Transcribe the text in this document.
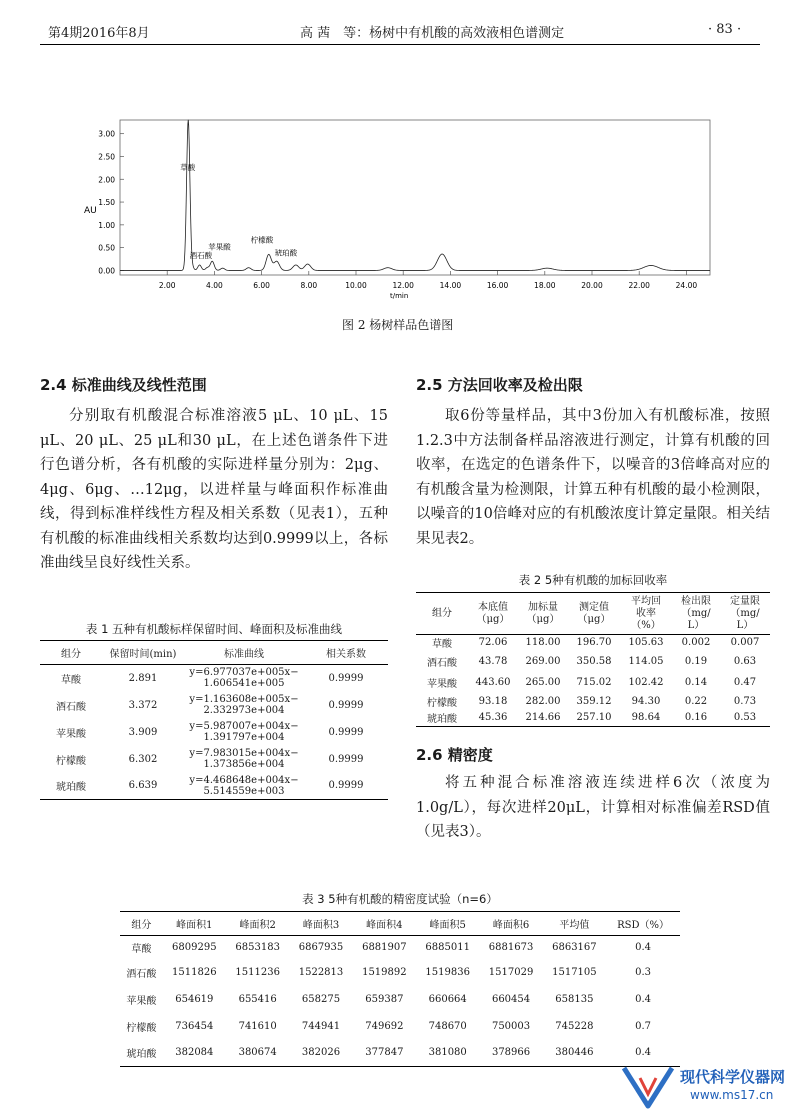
第4期2016年8月	高 茜　等：杨树中有机酸的高效液相色谱测定	· 83 ·
0.00
0.50
1.00
1.50
2.00
2.50
3.00
2.00	4.00	6.00	8.00	10.00	12.00	14.00	16.00	18.00	20.00	22.00	24.00
草酸
酒石酸
苹果酸
柠檬酸
琥珀酸
AU
t/min
图 2 杨树样品色谱图
2.4 标准曲线及线性范围
分别取有机酸混合标准溶液5 μL、10 μL、15 μL、20 μL、25 μL和30 μL，在上述色谱条件下进行色谱分析，各有机酸的实际进样量分别为：2μg、4μg、6μg、…12μg，以进样量与峰面积作标准曲线，得到标准样线性方程及相关系数（见表1），五种有机酸的标准曲线相关系数均达到0.9999以上，各标准曲线呈良好线性关系。
表 1 五种有机酸标样保留时间、峰面积及标准曲线
组分	保留时间(min)	标准曲线	相关系数
草酸	2.891	y=6.977037e+005x−
1.606541e+005	0.9999
酒石酸	3.372	y=1.163608e+005x−
2.332973e+004	0.9999
苹果酸	3.909	y=5.987007e+004x−
1.391797e+004	0.9999
柠檬酸	6.302	y=7.983015e+004x−
1.373856e+004	0.9999
琥珀酸	6.639	y=4.468648e+004x−
5.514559e+003	0.9999
2.5 方法回收率及检出限
取6份等量样品，其中3份加入有机酸标准，按照1.2.3中方法制备样品溶液进行测定，计算有机酸的回收率，在选定的色谱条件下，以噪音的3倍峰高对应的有机酸含量为检测限，计算五种有机酸的最小检测限，以噪音的10倍峰对应的有机酸浓度计算定量限。相关结果见表2。
表 2 5种有机酸的加标回收率
组分	本底值
（μg）	加标量
（μg）	测定值
（μg）	平均回
收率
（%）	检出限
（mg/
L）	定量限
（mg/
L）
草酸	72.06	118.00	196.70	105.63	0.002	0.007
酒石酸	43.78	269.00	350.58	114.05	0.19	0.63
苹果酸	443.60	265.00	715.02	102.42	0.14	0.47
柠檬酸	93.18	282.00	359.12	94.30	0.22	0.73
琥珀酸	45.36	214.66	257.10	98.64	0.16	0.53
2.6 精密度
将五种混合标准溶液连续进样6次（浓度为1.0g/L），每次进样20μL，计算相对标准偏差RSD值（见表3）。
表 3 5种有机酸的精密度试验（n=6）
组分	峰面积1	峰面积2	峰面积3	峰面积4	峰面积5	峰面积6	平均值	RSD（%）
草酸	6809295	6853183	6867935	6881907	6885011	6881673	6863167	0.4
酒石酸	1511826	1511236	1522813	1519892	1519836	1517029	1517105	0.3
苹果酸	654619	655416	658275	659387	660664	660454	658135	0.4
柠檬酸	736454	741610	744941	749692	748670	750003	745228	0.7
琥珀酸	382084	380674	382026	377847	381080	378966	380446	0.4
现代科学仪器网
www.ms17.cn
